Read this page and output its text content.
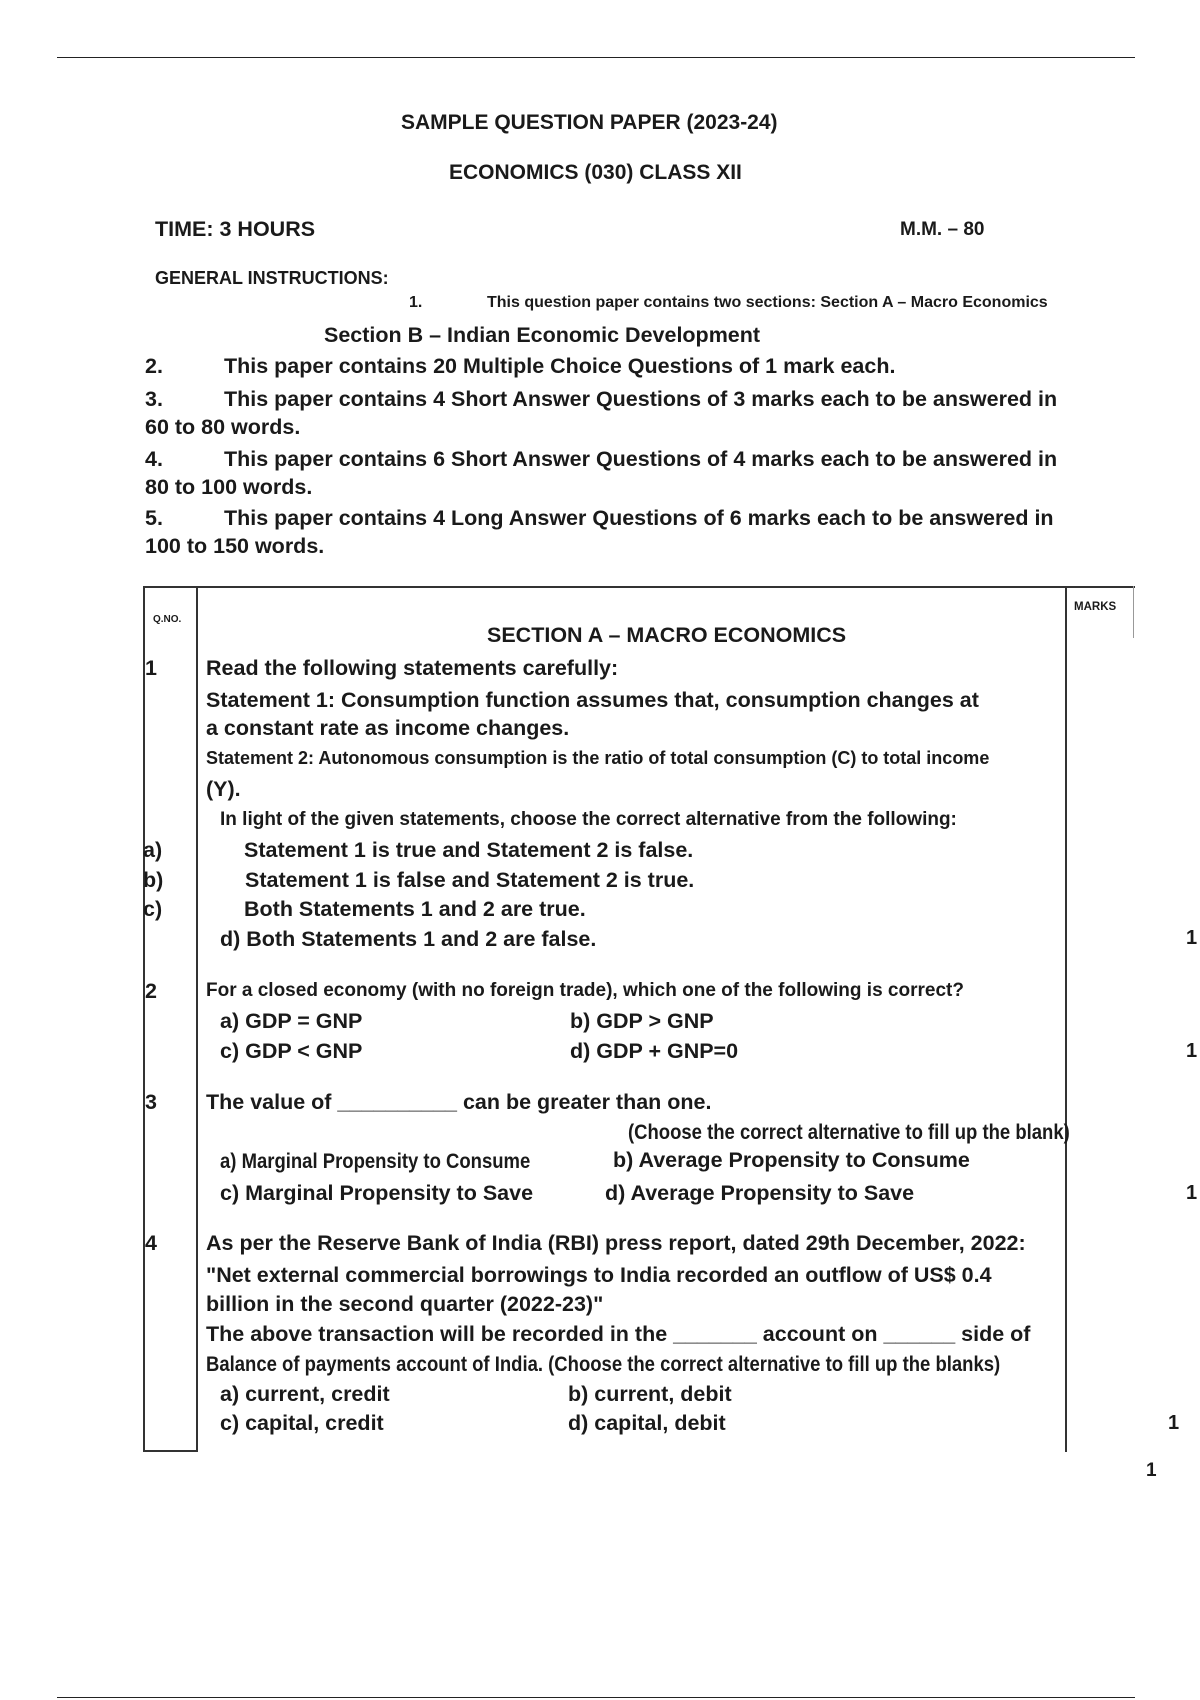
SAMPLE QUESTION PAPER (2023-24)
ECONOMICS (030) CLASS XII
TIME: 3 HOURS	M.M. – 80
GENERAL INSTRUCTIONS:
1.	This question paper contains two sections: Section A – Macro Economics
Section B – Indian Economic Development
2.	This paper contains 20 Multiple Choice Questions of 1 mark each.
3.	This paper contains 4 Short Answer Questions of 3 marks each to be answered in
60 to 80 words.
4.	This paper contains 6 Short Answer Questions of 4 marks each to be answered in
80 to 100 words.
5.	This paper contains 4 Long Answer Questions of 6 marks each to be answered in
100 to 150 words.
Q.NO.
MARKS
SECTION A – MACRO ECONOMICS
1 Read the following statements carefully:
Statement 1: Consumption function assumes that, consumption changes at
a constant rate as income changes.
Statement 2: Autonomous consumption is the ratio of total consumption (C) to total income
(Y).
In light of the given statements, choose the correct alternative from the following:
a)	Statement 1 is true and Statement 2 is false.
b)	Statement 1 is false and Statement 2 is true.
c)	Both Statements 1 and 2 are true.
d) Both Statements 1 and 2 are false.	1
2	For a closed economy (with no foreign trade), which one of the following is correct?
a) GDP = GNP	b) GDP > GNP
c) GDP < GNP	d) GDP + GNP=0	1
3 The value of __________ can be greater than one.
(Choose the correct alternative to fill up the blank)
a) Marginal Propensity to Consume	b) Average Propensity to Consume
c) Marginal Propensity to Save	d) Average Propensity to Save	1
4 As per the Reserve Bank of India (RBI) press report, dated 29th December, 2022:
"Net external commercial borrowings to India recorded an outflow of US$ 0.4
billion in the second quarter (2022-23)"
The above transaction will be recorded in the _______ account on ______ side of
Balance of payments account of India. (Choose the correct alternative to fill up the blanks)
a) current, credit	b) current, debit
c) capital, credit	d) capital, debit	1
1
